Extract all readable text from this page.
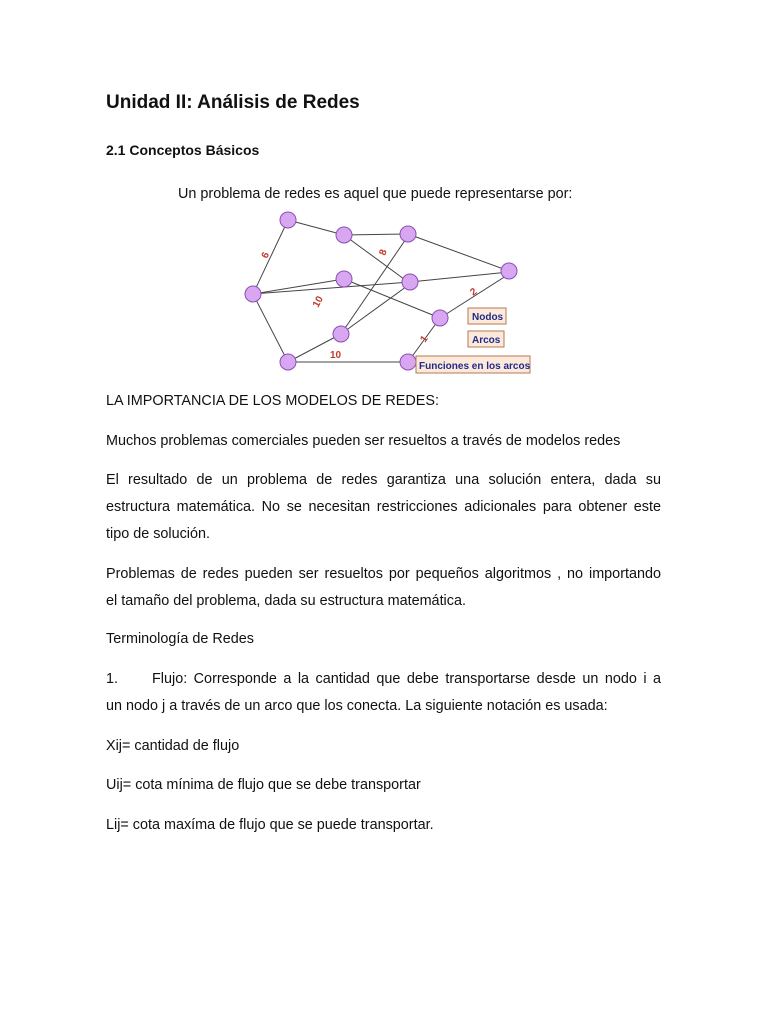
Unidad II: Análisis de Redes
2.1 Conceptos Básicos
Un problema de redes es aquel que puede representarse por:
6	8
10
2
1
10
Nodos
Arcos
Funciones en los arcos
LA IMPORTANCIA DE LOS MODELOS DE REDES:
Muchos problemas comerciales pueden ser resueltos a través de modelos redes
El resultado de un problema de redes garantiza una solución entera, dada su
estructura matemática. No se necesitan restricciones adicionales para obtener este
tipo de solución.
Problemas de redes pueden ser resueltos por pequeños algoritmos , no importando
el tamaño del problema, dada su estructura matemática.
Terminología de Redes
1. Flujo: Corresponde a la cantidad que debe transportarse desde un nodo i a
un nodo j a través de un arco que los conecta. La siguiente notación es usada:
Xij= cantidad de flujo
Uij= cota mínima de flujo que se debe transportar
Lij= cota maxíma de flujo que se puede transportar.
